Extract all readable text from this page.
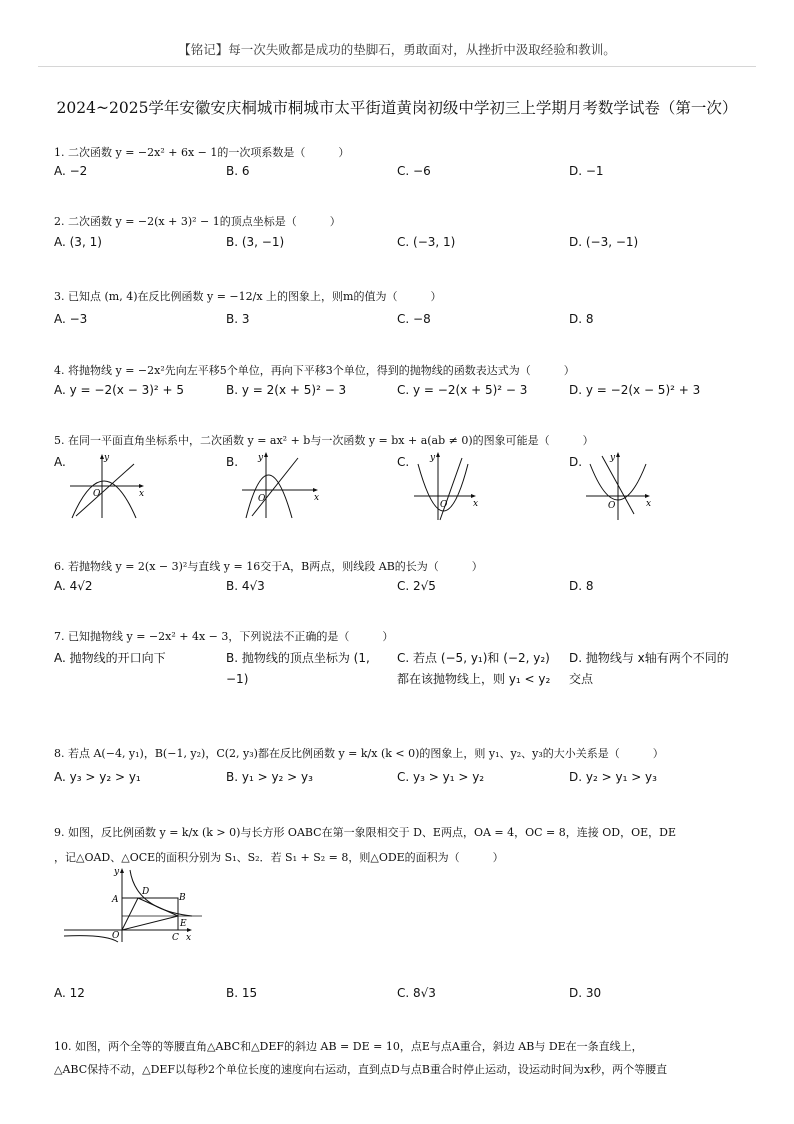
【铭记】每一次失败都是成功的垫脚石，勇敢面对，从挫折中汲取经验和教训。
2024~2025学年安徽安庆桐城市桐城市太平街道黄岗初级中学初三上学期月考数学试卷（第一次）
1. 二次函数 y = −2x² + 6x − 1的一次项系数是（　　　）
A. −2	B. 6	C. −6	D. −1
2. 二次函数 y = −2(x + 3)² − 1的顶点坐标是（　　　）
A. (3, 1)	B. (3, −1)	C. (−3, 1)	D. (−3, −1)
3. 已知点 (m, 4)在反比例函数 y = −12/x 上的图象上，则m的值为（　　　）
A. −3	B. 3	C. −8	D. 8
4. 将抛物线 y = −2x²先向左平移5个单位，再向下平移3个单位，得到的抛物线的函数表达式为（　　　）
A. y = −2(x − 3)² + 5	B. y = 2(x + 5)² − 3	C. y = −2(x + 5)² − 3	D. y = −2(x − 5)² + 3
5. 在同一平面直角坐标系中，二次函数 y = ax² + b与一次函数 y = bx + a(ab ≠ 0)的图象可能是（　　　）
A.	B.	C.	D.
y
x
O
y
x
O
y
x
O
y
x
O
6. 若抛物线 y = 2(x − 3)²与直线 y = 16交于A，B两点，则线段 AB的长为（　　　）
A. 4√2	B. 4√3	C. 2√5	D. 8
7. 已知抛物线 y = −2x² + 4x − 3，下列说法不正确的是（　　　）
A. 抛物线的开口向下	B. 抛物线的顶点坐标为 (1, −1)
C. 若点 (−5, y₁)和 (−2, y₂)都在该抛物线上，则 y₁ < y₂
D. 抛物线与 x轴有两个不同的交点
8. 若点 A(−4, y₁)，B(−1, y₂)，C(2, y₃)都在反比例函数 y = k/x (k < 0)的图象上，则 y₁、y₂、y₃的大小关系是（　　　）
A. y₃ > y₂ > y₁	B. y₁ > y₂ > y₃	C. y₃ > y₁ > y₂	D. y₂ > y₁ > y₃
9. 如图，反比例函数 y = k/x (k > 0)与长方形 OABC在第一象限相交于 D、E两点，OA = 4，OC = 8，连接 OD，OE，DE
，记△OAD、△OCE的面积分别为 S₁、S₂．若 S₁ + S₂ = 8，则△ODE的面积为（　　　）
y
x
O
A	B
C
D
E
A. 12	B. 15	C. 8√3	D. 30
10. 如图，两个全等的等腰直角△ABC和△DEF的斜边 AB = DE = 10，点E与点A重合，斜边 AB与 DE在一条直线上，
△ABC保持不动，△DEF以每秒2个单位长度的速度向右运动，直到点D与点B重合时停止运动，设运动时间为x秒，两个等腰直
